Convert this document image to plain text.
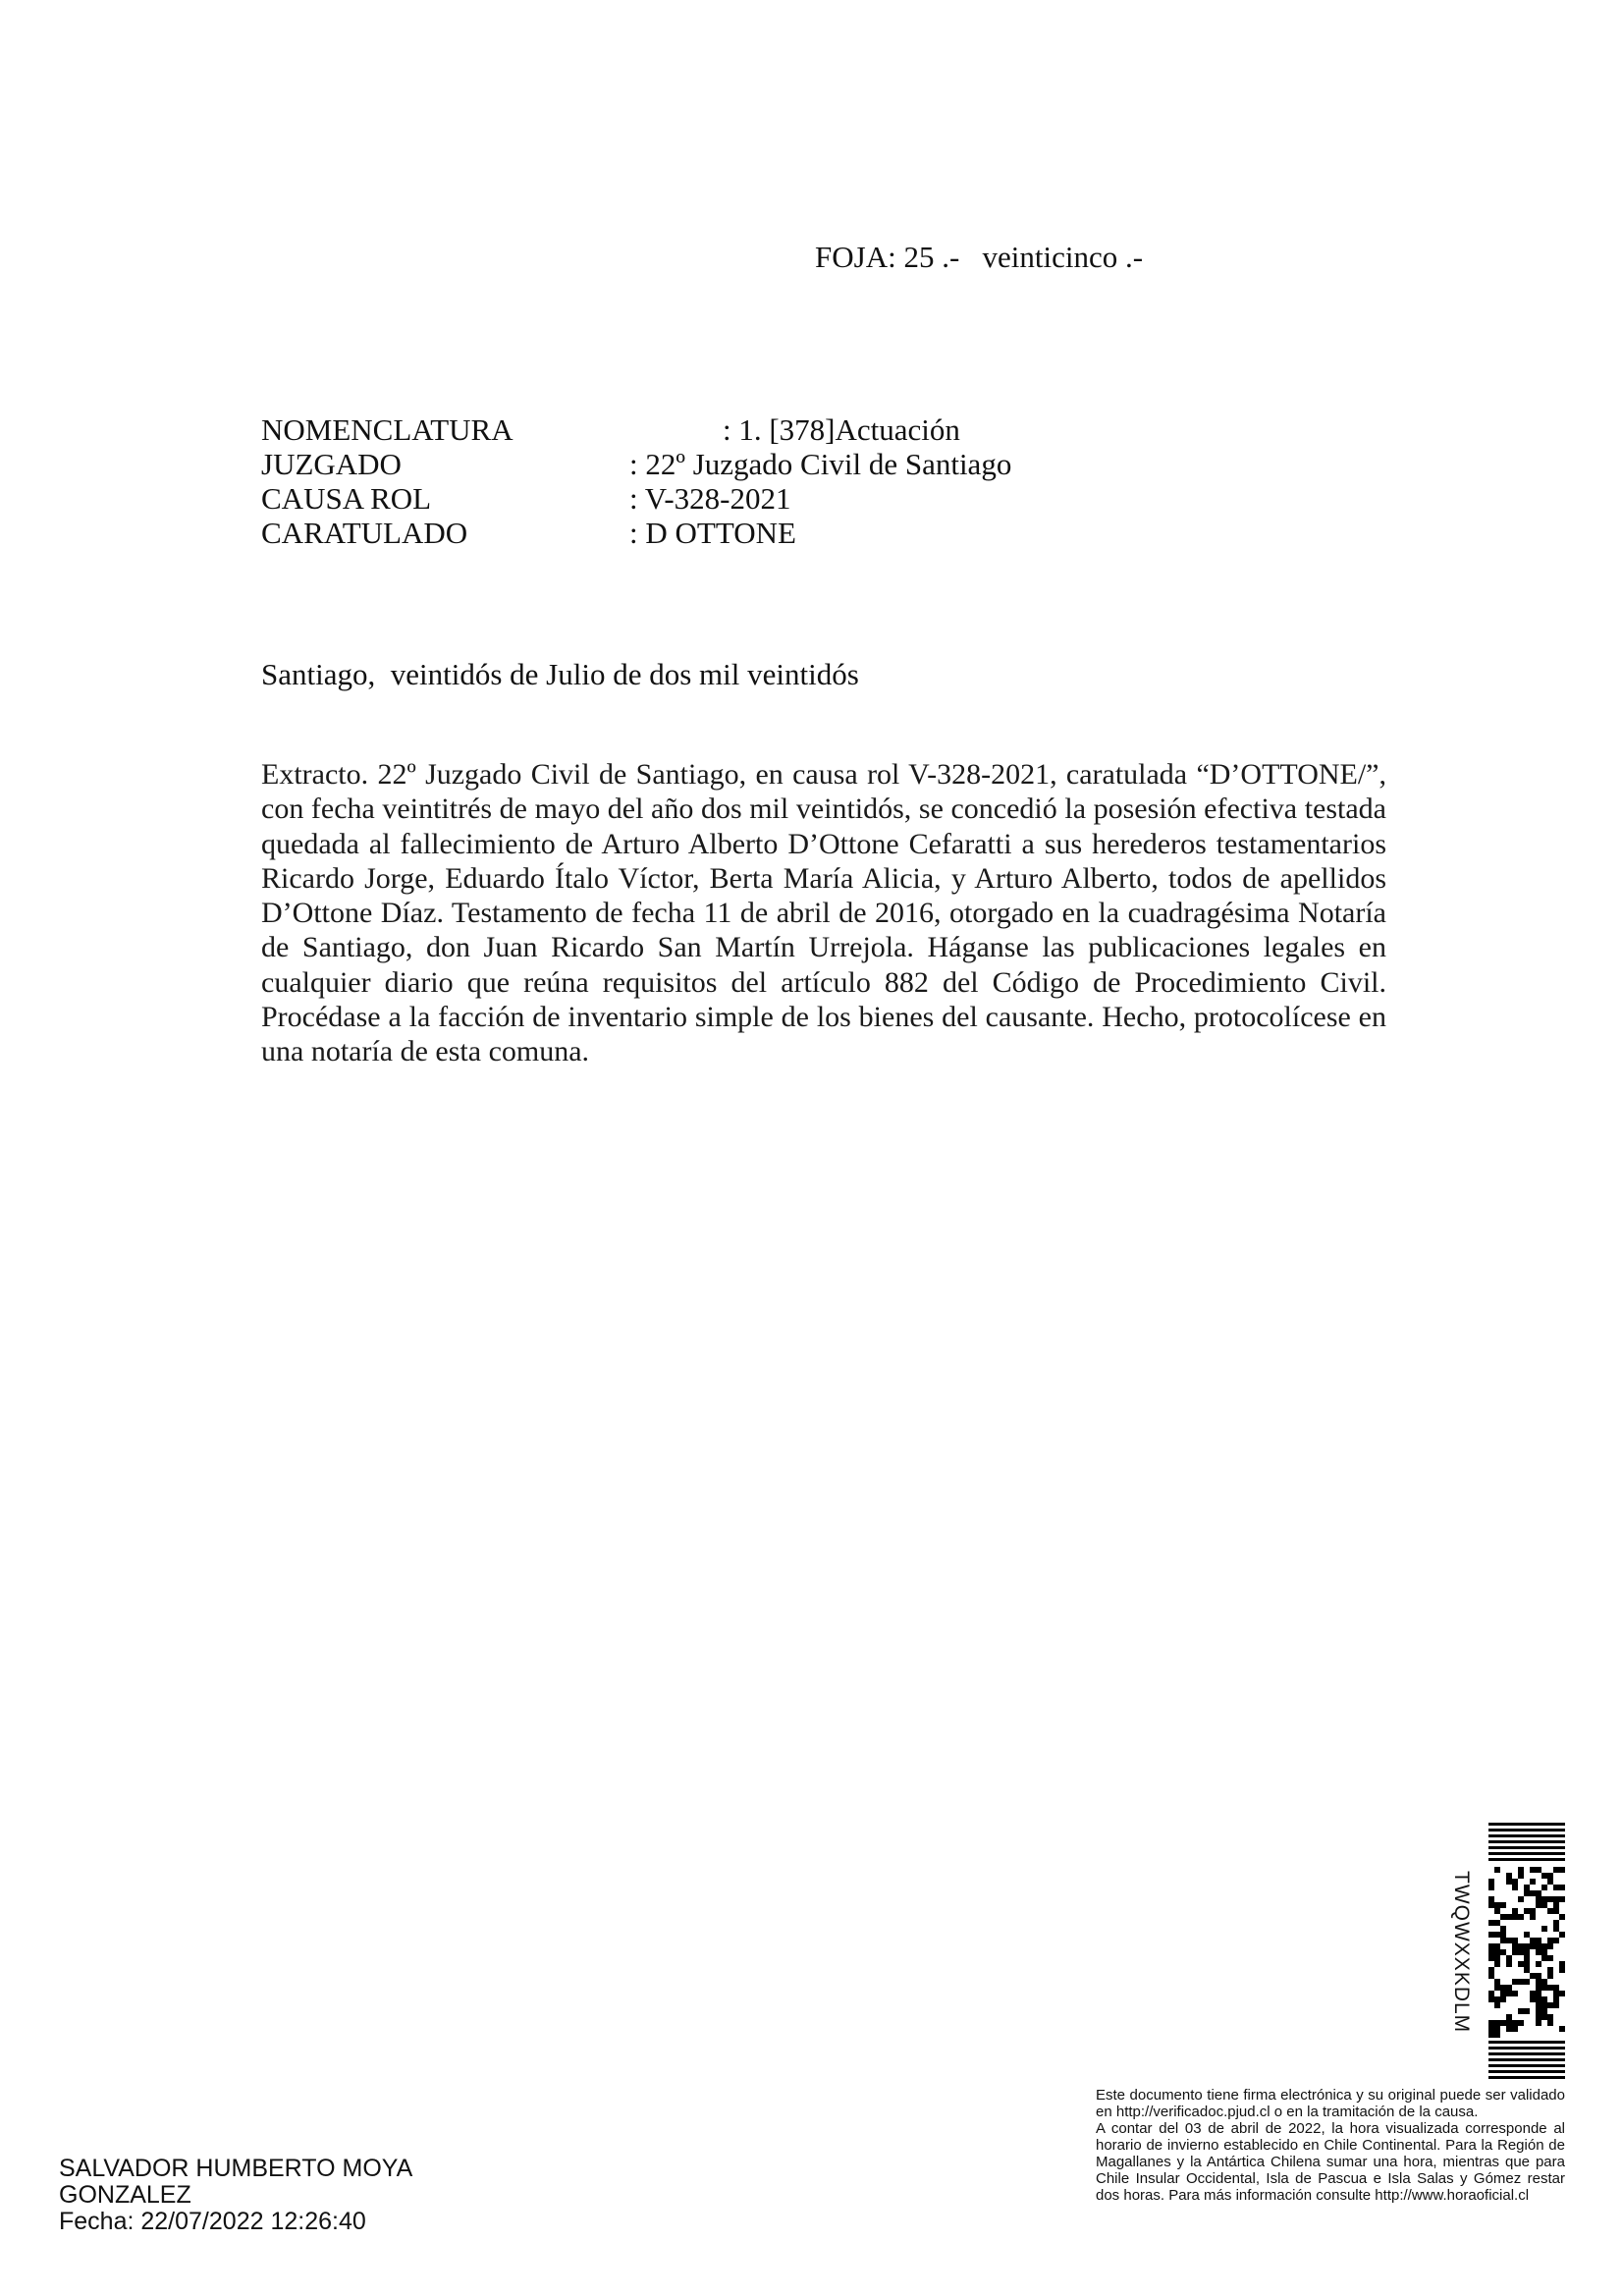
FOJA: 25 .- veinticinco .-
NOMENCLATURA	: 1. [378]Actuación
JUZGADO	: 22º Juzgado Civil de Santiago
CAUSA ROL	: V-328-2021
CARATULADO	: D OTTONE
Santiago,  veintidós de Julio de dos mil veintidós
Extracto. 22º Juzgado Civil de Santiago, en causa rol V-328-2021, caratulada “D’OTTONE/”, con fecha veintitrés de mayo del año dos mil veintidós, se concedió la posesión efectiva testada quedada al fallecimiento de Arturo Alberto D’Ottone Cefaratti a sus herederos testamentarios Ricardo Jorge, Eduardo Ítalo Víctor, Berta María Alicia, y Arturo Alberto, todos de apellidos D’Ottone Díaz. Testamento de fecha 11 de abril de 2016, otorgado en la cuadragésima Notaría de Santiago, don Juan Ricardo San Martín Urrejola. Háganse las publicaciones legales en cualquier diario que reúna requisitos del artículo 882 del Código de Procedimiento Civil. Procédase a la facción de inventario simple de los bienes del causante. Hecho, protocolícese en una notaría de esta comuna.
TWQWXXKDLM
Este documento tiene firma electrónica y su original puede ser validado en http://verificadoc.pjud.cl o en la tramitación de la causa.
A contar del 03 de abril de 2022, la hora visualizada corresponde al horario de invierno establecido en Chile Continental. Para la Región de Magallanes y la Antártica Chilena sumar una hora, mientras que para Chile Insular Occidental, Isla de Pascua e Isla Salas y Gómez restar dos horas. Para más información consulte http://www.horaoficial.cl
SALVADOR HUMBERTO MOYA
GONZALEZ
Fecha: 22/07/2022 12:26:40
